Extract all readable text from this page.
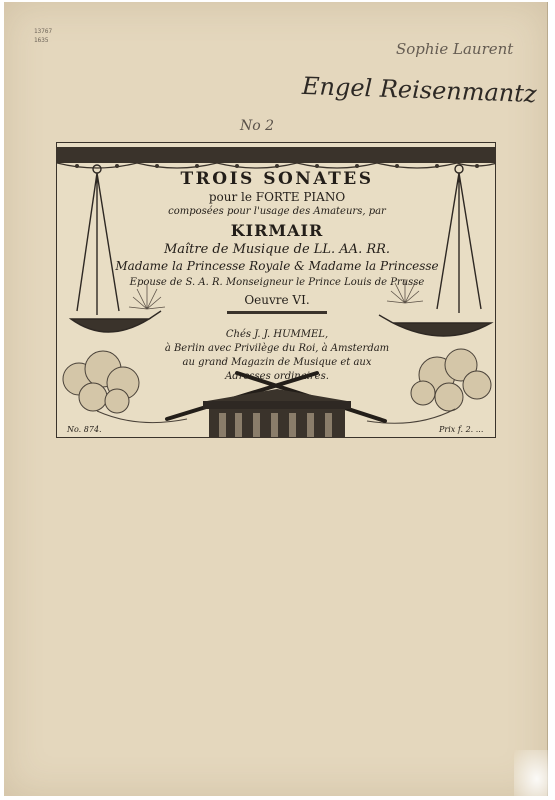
13767
1635	Sophie Laurent
Engel Reisenmantz
No 2
TROIS SONATES
pour le FORTE PIANO
composées pour l'usage des Amateurs, par
KIRMAIR
Maître de Musique de LL. AA. RR.
Madame la Princesse Royale & Madame la Princesse
Epouse de S. A. R. Monseigneur le Prince Louis de Prusse
Oeuvre VI.
Chés J. J. HUMMEL,
à Berlin avec Privilège du Roi, à Amsterdam
au grand Magazin de Musique et aux
Adresses ordinaires.
No. 874.	Prix f. 2. ...
